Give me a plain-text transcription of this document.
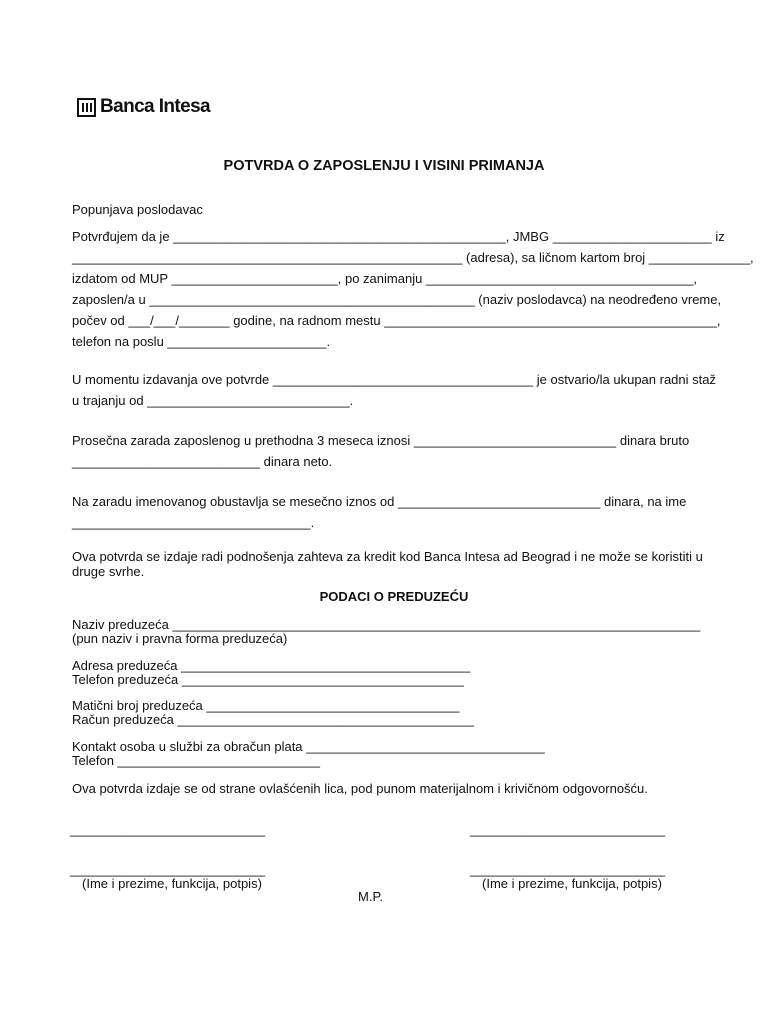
Banca Intesa
POTVRDA O ZAPOSLENJU I VISINI PRIMANJA
Popunjava poslodavac
Potvrđujem da je ______________________________________________, JMBG ______________________ iz
______________________________________________________ (adresa), sa ličnom kartom broj ______________,
izdatom od MUP _______________________, po zanimanju _____________________________________,
zaposlen/a u _____________________________________________ (naziv poslodavca) na neodređeno vreme,
počev od ___/___/_______ godine, na radnom mestu ______________________________________________,
telefon na poslu ______________________.
U momentu izdavanja ove potvrde ____________________________________ je ostvario/la ukupan radni staž
u trajanju od ____________________________.
Prosečna zarada zaposlenog u prethodna 3 meseca iznosi ____________________________ dinara bruto
__________________________ dinara neto.
Na zaradu imenovanog obustavlja se mesečno iznos od ____________________________ dinara, na ime
_________________________________.
Ova potvrda se izdaje radi podnošenja zahteva za kredit kod Banca Intesa ad Beograd i ne može se koristiti u
druge svrhe.
PODACI O PREDUZEĆU
Naziv preduzeća _________________________________________________________________________
(pun naziv i pravna forma preduzeća)
Adresa preduzeća ________________________________________
Telefon preduzeća _______________________________________
Matični broj preduzeća ___________________________________
Račun preduzeća _________________________________________
Kontakt osoba u službi za obračun plata _________________________________
Telefon ____________________________
Ova potvrda izdaje se od strane ovlašćenih lica, pod punom materijalnom i krivičnom odgovornošću.
___________________________	___________________________
___________________________	___________________________
(Ime i prezime, funkcija, potpis)	(Ime i prezime, funkcija, potpis)
M.P.
